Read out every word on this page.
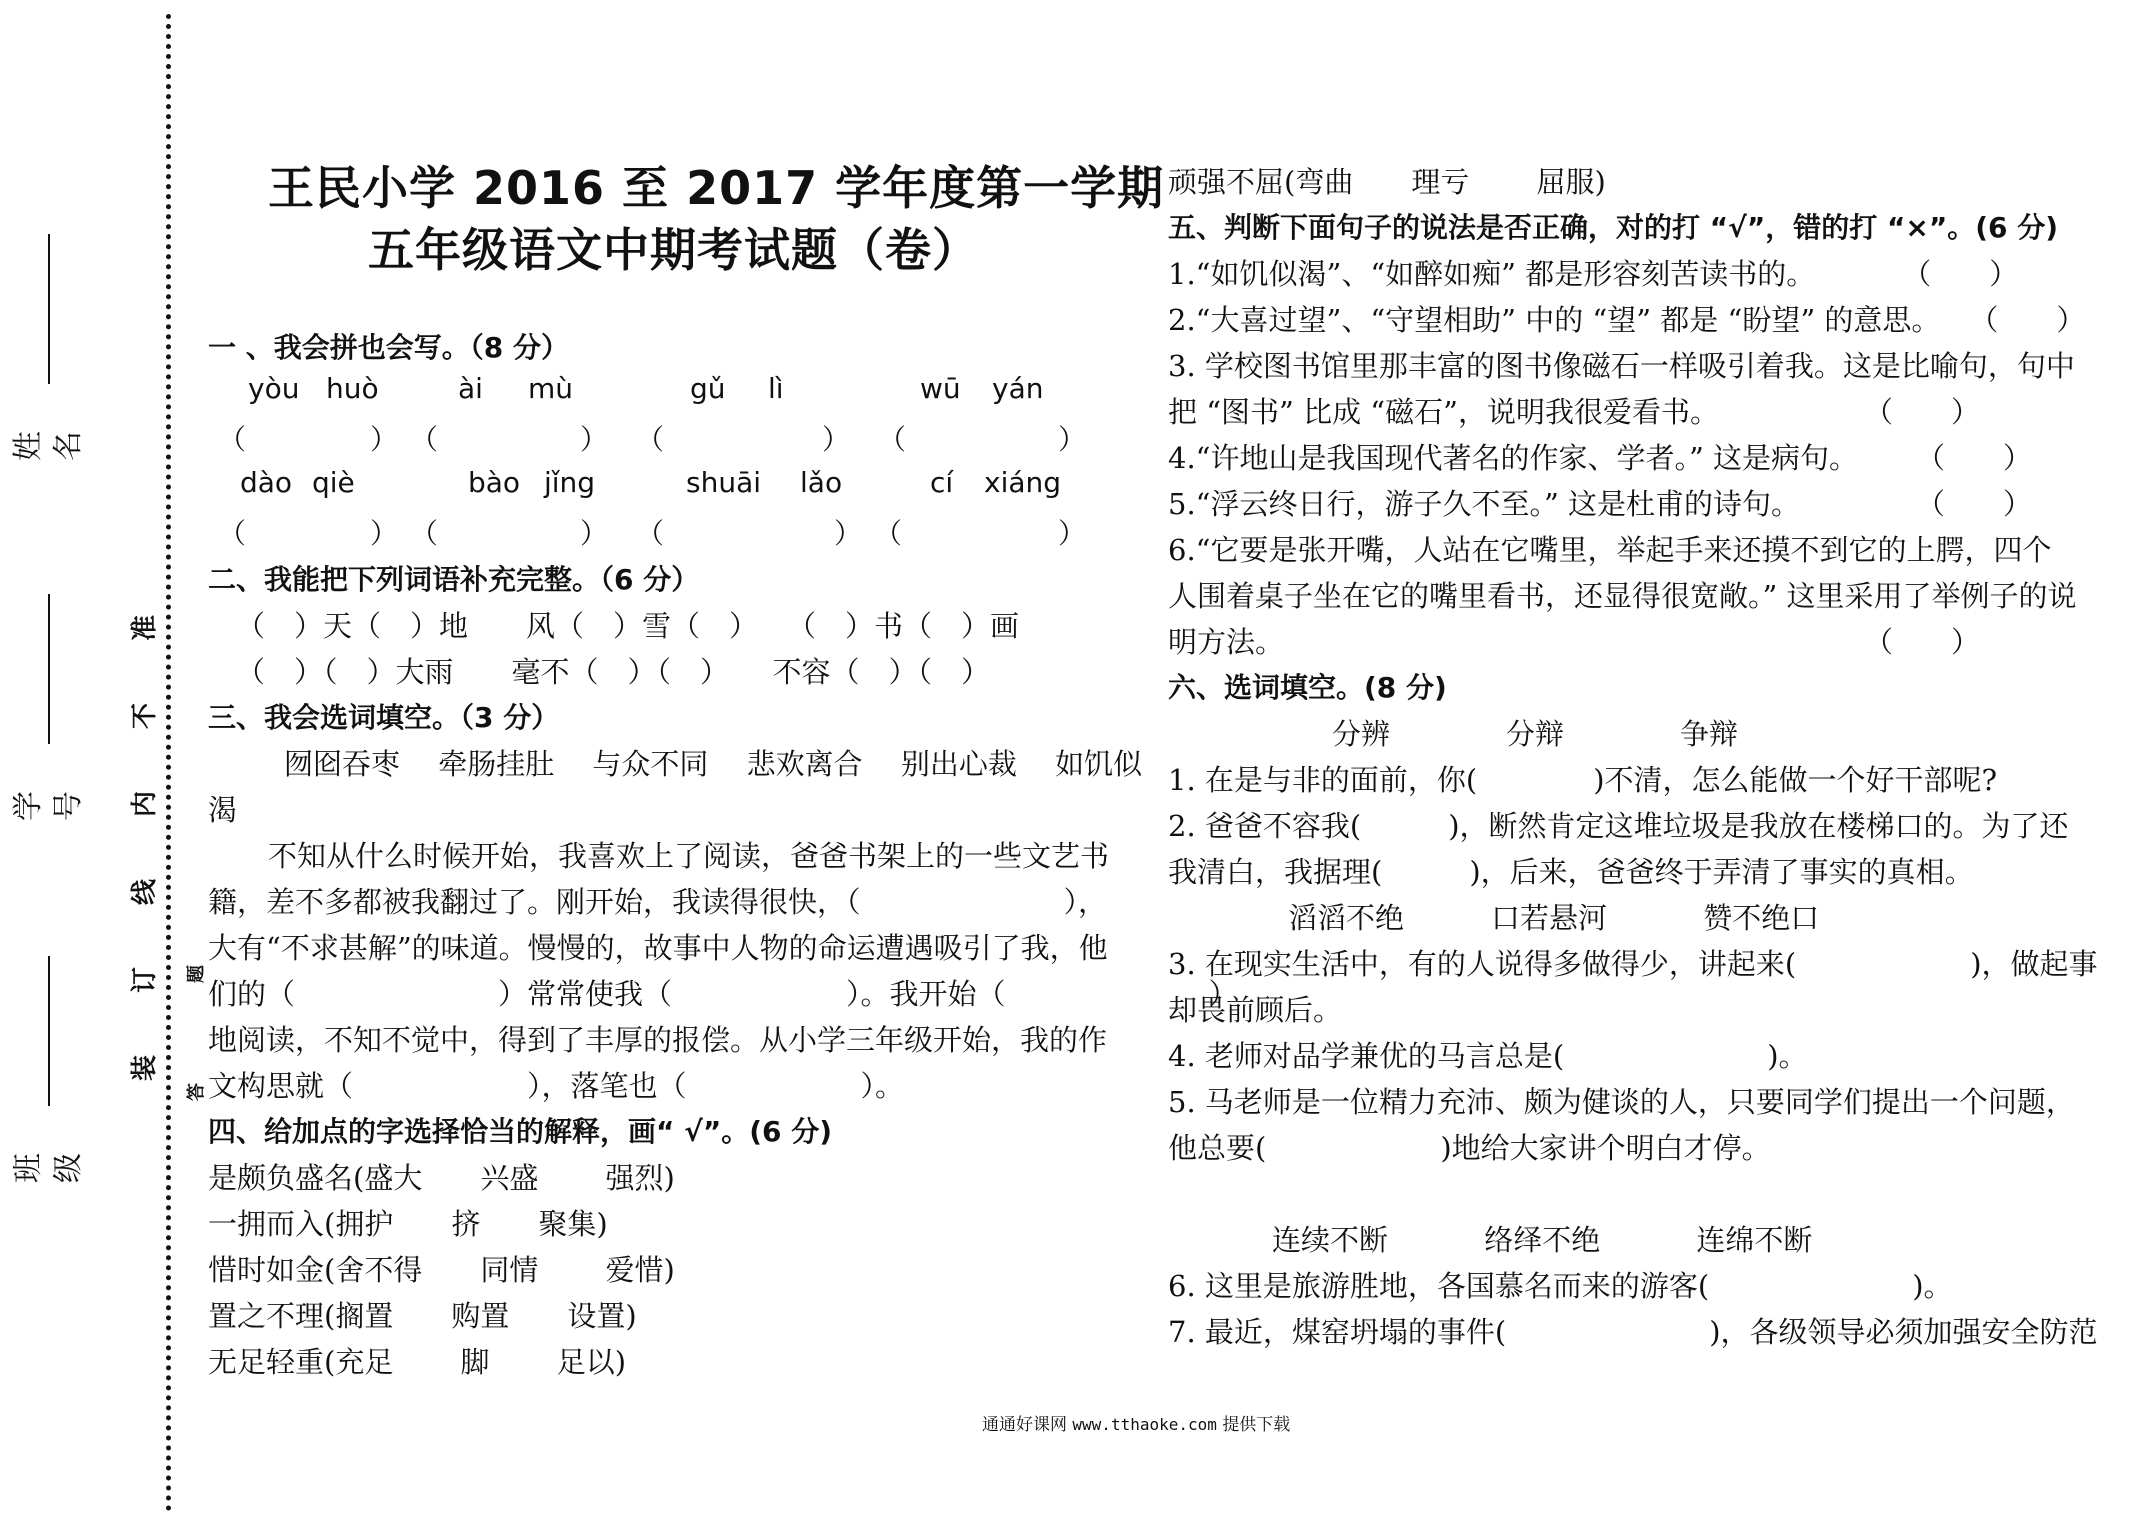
姓名
学号
班级
准
不
内
线
订
装
题
答
王民小学 2016 至 2017 学年度第一学期
五年级语文中期考试题（卷）
一 、我会拼也会写。（8 分）
yòu huò	ài mù	gǔ lì	wū yán
（	） （	） （	） （	）
dào qiè	bào jǐng	shuāi lǎo	cí xiáng
（	） （	） （	） （	）
二、我能把下列词语补充完整。（6 分）
（　）天（　）地　　风（　）雪（　）　　（　）书（　）画
（　）（　）大雨　　毫不（　）（　）　　不容（　）（　）
三、我会选词填空。（3 分）
囫囵吞枣　 牵肠挂肚　 与众不同　 悲欢离合　 别出心裁　 如饥似
渴
不知从什么时候开始，我喜欢上了阅读，爸爸书架上的一些文艺书
籍，差不多都被我翻过了。刚开始，我读得很快，（　　　　　　　），
大有“不求甚解”的味道。慢慢的，故事中人物的命运遭遇吸引了我，他
们的（　　　　　　　）常常使我（　　　　　　）。我开始（　　　　　　　）
地阅读，不知不觉中，得到了丰厚的报偿。从小学三年级开始，我的作
文构思就（　　　　　　），落笔也（　　　　　　）。
四、给加点的字选择恰当的解释，画“ √”。(6 分)
是颇负盛名(盛大　　兴盛　　 强烈)
一拥而入(拥护　　挤　　聚集)
惜时如金(舍不得　　同情　　 爱惜)
置之不理(搁置　　购置　　设置)
无足轻重(充足　　 脚　　 足以)
顽强不屈(弯曲　　理亏　　 屈服)
五、判断下面句子的说法是否正确，对的打 “√”，错的打 “×”。(6 分)
1.“如饥似渴”、“如醉如痴” 都是形容刻苦读书的。　　　　（　　）
2.“大喜过望”、“守望相助” 中的 “望” 都是 “盼望” 的意思。　　（　　）
3. 学校图书馆里那丰富的图书像磁石一样吸引着我。这是比喻句，句中
把 “图书” 比成 “磁石”，说明我很爱看书。　　　　　　（　　）
4.“许地山是我国现代著名的作家、学者。” 这是病句。　　　（　　）
5.“浮云终日行，游子久不至。” 这是杜甫的诗句。　　　　　（　　）
6.“它要是张开嘴，人站在它嘴里，举起手来还摸不到它的上腭，四个
人围着桌子坐在它的嘴里看书，还显得很宽敞。” 这里采用了举例子的说
明方法。　　　　　　　　　　　　　　　　　　　　　（　　）
六、选词填空。(8 分)
分辨　　　　分辩　　　　争辩
1. 在是与非的面前，你(　　　　)不清，怎么能做一个好干部呢?
2. 爸爸不容我(　　　)，断然肯定这堆垃圾是我放在楼梯口的。为了还
我清白，我据理(　　　)，后来，爸爸终于弄清了事实的真相。
滔滔不绝　　　口若悬河　　　 赞不绝口
3. 在现实生活中，有的人说得多做得少，讲起来(　　　　　　)，做起事
却畏前顾后。
4. 老师对品学兼优的马言总是(　　　　　　　)。
5. 马老师是一位精力充沛、颇为健谈的人，只要同学们提出一个问题，
他总要(　　　　　　)地给大家讲个明白才停。
连续不断　　　 络绎不绝　　　 连绵不断
6. 这里是旅游胜地，各国慕名而来的游客(　　　　　　　)。
7. 最近，煤窑坍塌的事件(　　　　　　　)，各级领导必须加强安全防范
通通好课网 www.tthaoke.com 提供下载
